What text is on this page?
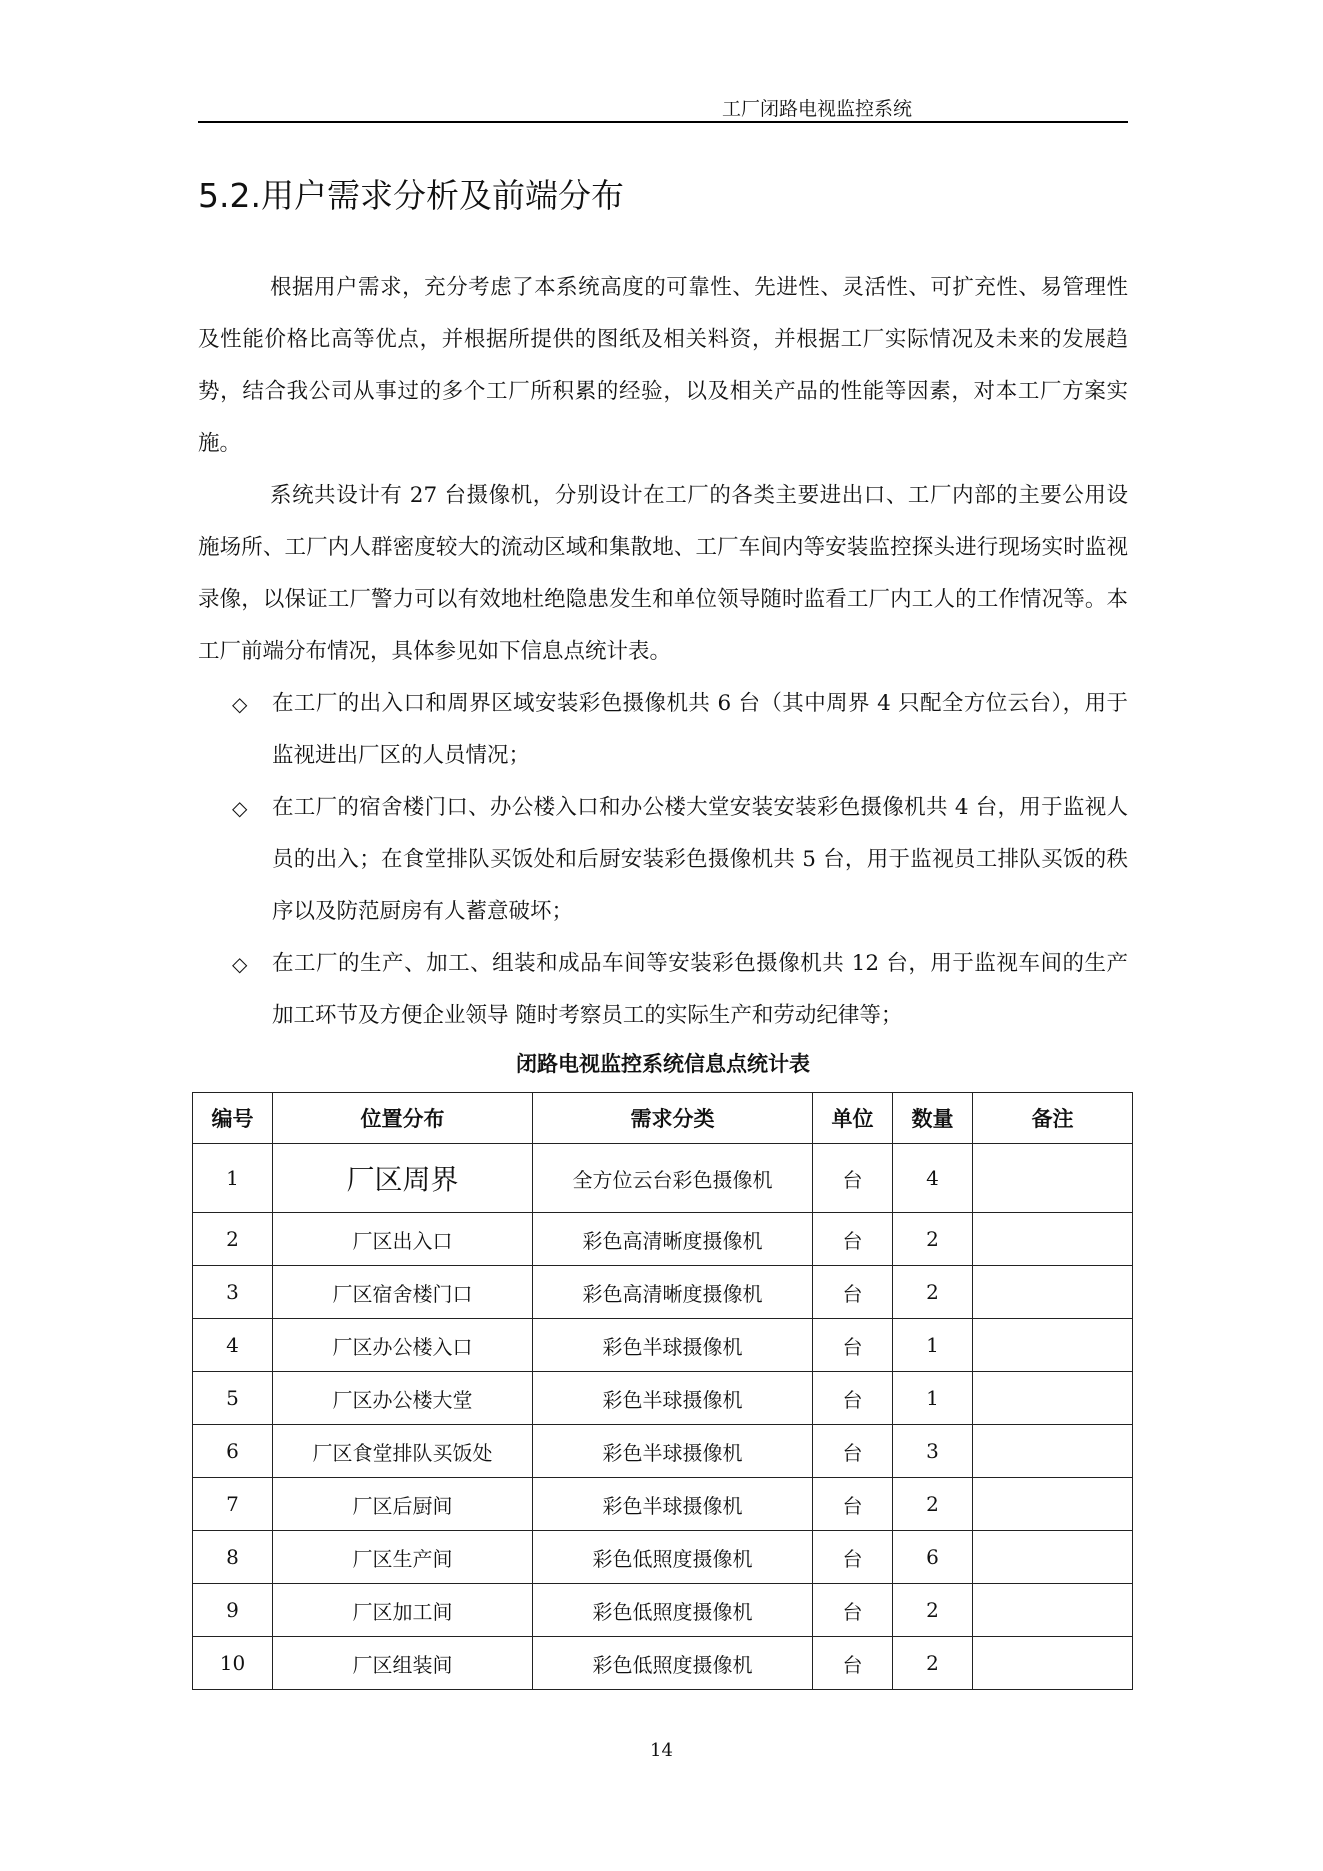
工厂闭路电视监控系统
5.2.用户需求分析及前端分布

根据用户需求，充分考虑了本系统高度的可靠性、先进性、灵活性、可扩充性、易管理性及性能价格比高等优点，并根据所提供的图纸及相关料资，并根据工厂实际情况及未来的发展趋势，结合我公司从事过的多个工厂所积累的经验，以及相关产品的性能等因素，对本工厂方案实施。

系统共设计有 27 台摄像机，分别设计在工厂的各类主要进出口、工厂内部的主要公用设施场所、工厂内人群密度较大的流动区域和集散地、工厂车间内等安装监控探头进行现场实时监视录像，以保证工厂警力可以有效地杜绝隐患发生和单位领导随时监看工厂内工人的工作情况等。本工厂前端分布情况，具体参见如下信息点统计表。

◇ 在工厂的出入口和周界区域安装彩色摄像机共 6 台（其中周界 4 只配全方位云台），用于监视进出厂区的人员情况；
◇ 在工厂的宿舍楼门口、办公楼入口和办公楼大堂安装安装彩色摄像机共 4 台，用于监视人员的出入；在食堂排队买饭处和后厨安装彩色摄像机共 5 台，用于监视员工排队买饭的秩序以及防范厨房有人蓄意破坏；
◇ 在工厂的生产、加工、组装和成品车间等安装彩色摄像机共 12 台，用于监视车间的生产加工环节及方便企业领导 随时考察员工的实际生产和劳动纪律等；
闭路电视监控系统信息点统计表
编号	位置分布	需求分类	单位	数量	备注
1	厂区周界	全方位云台彩色摄像机	台	4	
2	厂区出入口	彩色高清晰度摄像机	台	2	
3	厂区宿舍楼门口	彩色高清晰度摄像机	台	2	
4	厂区办公楼入口	彩色半球摄像机	台	1	
5	厂区办公楼大堂	彩色半球摄像机	台	1	
6	厂区食堂排队买饭处	彩色半球摄像机	台	3	
7	厂区后厨间	彩色半球摄像机	台	2	
8	厂区生产间	彩色低照度摄像机	台	6	
9	厂区加工间	彩色低照度摄像机	台	2	
10	厂区组装间	彩色低照度摄像机	台	2	
14
